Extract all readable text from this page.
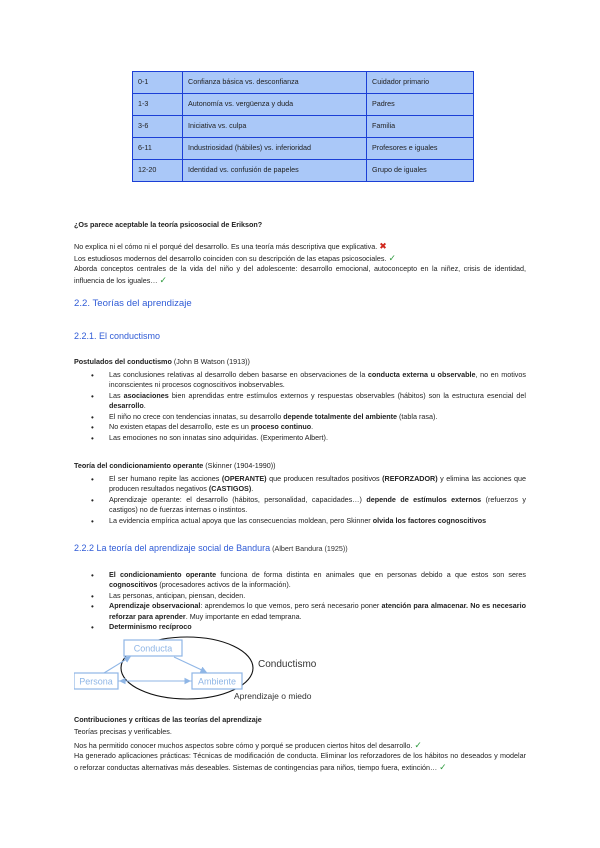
0-1	Confianza básica vs. desconfianza	Cuidador primario
1-3	Autonomía vs. vergüenza y duda	Padres
3-6	Iniciativa vs. culpa	Familia
6-11	Industriosidad (hábiles) vs. inferioridad	Profesores e iguales
12-20	Identidad vs. confusión de papeles	Grupo de iguales

¿Os parece aceptable la teoría psicosocial de Erikson?

No explica ni el cómo ni el porqué del desarrollo. Es una teoría más descriptiva que explicativa. ✖

Los estudiosos modernos del desarrollo coinciden con su descripción de las etapas psicosociales. ✓

Aborda conceptos centrales de la vida del niño y del adolescente: desarrollo emocional, autoconcepto en la niñez, crisis de identidad, influencia de los iguales… ✓

2.2. Teorías del aprendizaje
2.2.1. El conductismo

Postulados del conductismo (John B Watson (1913))

• Las conclusiones relativas al desarrollo deben basarse en observaciones de la conducta externa u observable, no en motivos inconscientes ni procesos cognoscitivos inobservables.
• Las asociaciones bien aprendidas entre estímulos externos y respuestas observables (hábitos) son la estructura esencial del desarrollo.
• El niño no crece con tendencias innatas, su desarrollo depende totalmente del ambiente (tabla rasa).
• No existen etapas del desarrollo, este es un proceso continuo.
• Las emociones no son innatas sino adquiridas. (Experimento Albert).

Teoría del condicionamiento operante (Skinner (1904-1990))

• El ser humano repite las acciones (OPERANTE) que producen resultados positivos (REFORZADOR) y elimina las acciones que producen resultados negativos (CASTIGOS).
• Aprendizaje operante: el desarrollo (hábitos, personalidad, capacidades…) depende de estímulos externos (refuerzos y castigos) no de fuerzas internas o instintos.
• La evidencia empírica actual apoya que las consecuencias moldean, pero Skinner olvida los factores cognoscitivos
2.2.2 La teoría del aprendizaje social de Bandura (Albert Bandura (1925))
• El condicionamiento operante funciona de forma distinta en animales que en personas debido a que estos son seres cognoscitivos (procesadores activos de la información).
• Las personas, anticipan, piensan, deciden.
• Aprendizaje observacional: aprendemos lo que vemos, pero será necesario poner atención para almacenar. No es necesario reforzar para aprender. Muy importante en edad temprana.
• Determinismo recíproco
Conducta
Persona	Ambiente
Conductismo
Aprendizaje o miedo

Contribuciones y críticas de las teorías del aprendizaje

Teorías precisas y verificables.

Nos ha permitido conocer muchos aspectos sobre cómo y porqué se producen ciertos hitos del desarrollo. ✓

Ha generado aplicaciones prácticas: Técnicas de modificación de conducta. Eliminar los reforzadores de los hábitos no deseados y modelar o reforzar conductas alternativas más deseables. Sistemas de contingencias para niños, tiempo fuera, extinción… ✓
